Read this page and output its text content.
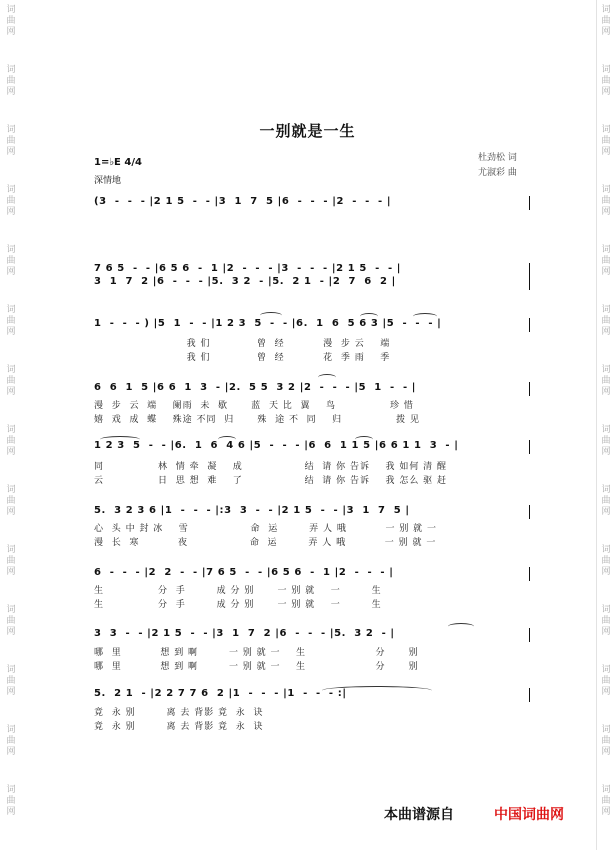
词
曲
网
词
曲
网
词
曲
网
词
曲
网
词
曲
网
词
曲
网
词
曲
网
词
曲
网
词
曲
网
词
曲
网
词
曲
网
词
曲
网
词
曲
网
词
曲
网
词
曲
网
词
曲
网
词
曲
网
词
曲
网
词
曲
网
词
曲
网
词
曲
网
词
曲
网
词
曲
网
词
曲
网
词
曲
网
词
曲
网
词
曲
网
词
曲
网
一别就是一生
1=♭E 4/4
深情地
杜劲松 词
尤淑彩 曲
(3  -  -  - |2 1 5  -  - |3  1  7  5 |6  -  -  - |2  -  -  - |
7 6 5  -  - |6 5 6  -  1 |2  -  -  - |3  -  -  - |2 1 5  -  - |
3  1  7  2 |6  -  -  - |5.  3 2  - |5.  2 1  - |2  7  6  2 |
1  -  -  - ) |5  1  -  - |1 2 3  5  -  - |6.  1  6  5 6 3 |5  -  -  - |
我 们            曾  经          漫  步 云    端
我 们            曾  经          花  季 雨    季
6  6  1  5 |6 6  1  3  - |2.  5 5  3 2 |2  -  -  - |5  1  -  - |
漫  步  云  端    阑雨  未  歇      蓝  天 比  翼    鸟              珍 惜
嬉  戏  成  蝶    殊途 不同  归      殊  途 不  同    归              拨 见
1 2 3  5  -  - |6.  1  6  4 6 |5  -  -  - |6  6  1 1 5 |6 6 1 1  3  - |
同              林  情 牵  凝    成                结  请 你 告诉    我 如何 清 醒
云              日  思 想  难    了                结  请 你 告诉    我 怎么 驱 赶
5.  3 2 3 6 |1  -  -  - |:3  3  -  - |2 1 5  -  - |3  1  7  5 |
心  头 中 封 冰    雪                命  运        弄 人 哦          一 别 就 一
漫  长  寒          夜                命  运        弄 人 哦          一 别 就 一
6  -  -  - |2  2  -  - |7 6 5  -  - |6 5 6  -  1 |2  -  -  - |
生              分  手        成 分 别      一 别 就    一        生
生              分  手        成 分 别      一 别 就    一        生
3  3  -  - |2 1 5  -  - |3  1  7  2 |6  -  -  - |5.  3 2  - |
哪  里          想 到 啊        一 别 就 一    生                  分      别
哪  里          想 到 啊        一 别 就 一    生                  分      别
5.  2 1  - |2 2 7 7 6  2 |1  -  -  - |1  -  -  - :|
竟  永 别        离 去 背影 竟  永  诀
竟  永 别        离 去 背影 竟  永  诀
本曲谱源自	中国词曲网
